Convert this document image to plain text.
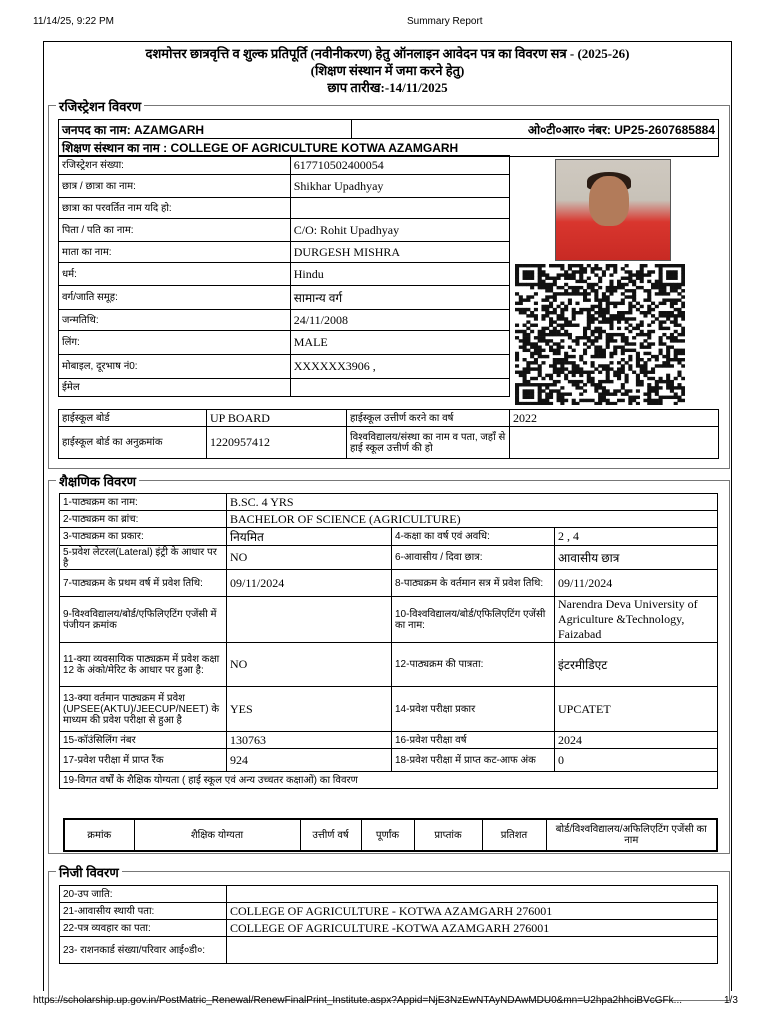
11/14/25, 9:22 PM	Summary Report
दशमोत्तर छात्रवृत्ति व शुल्क प्रतिपूर्ति (नवीनीकरण) हेतु ऑनलाइन आवेदन पत्र का विवरण सत्र - (2025-26)
(शिक्षण संस्थान में जमा करने हेतु)
छाप तारीख:-14/11/2025
रजिस्ट्रेशन विवरण
जनपद का नाम: AZAMGARH	ओ०टी०आर० नंबर: UP25-2607685884
शिक्षण संस्थान का नाम : COLLEGE OF AGRICULTURE KOTWA AZAMGARH
रजिस्ट्रेशन संख्या:	617710502400054
छात्र / छात्रा का नाम:	Shikhar Upadhyay
छात्रा का परवर्तित नाम यदि हो:	
पिता / पति का नाम:	C/O: Rohit Upadhyay
माता का नाम:	DURGESH MISHRA
धर्म:	Hindu
वर्ग/जाति समूह:	सामान्य वर्ग
जन्मतिथि:	24/11/2008
लिंग:	MALE
मोबाइल, दूरभाष नं0:	XXXXXX3906 ,
ईमेल	
हाईस्कूल बोर्ड	UP BOARD	हाईस्कूल उत्तीर्ण करने का वर्ष	2022
हाईस्कूल बोर्ड का अनुक्रमांक	1220957412	विश्वविद्यालय/संस्था का नाम व पता, जहाँ से हाई स्कूल उत्तीर्ण की हो	
शैक्षणिक विवरण
1-पाठ्यक्रम का नाम:	B.SC. 4 YRS		
2-पाठ्यक्रम का ब्रांच:	BACHELOR OF SCIENCE (AGRICULTURE)		
3-पाठ्यक्रम का प्रकार:	नियमित	4-कक्षा का वर्ष एवं अवधि:	2 , 4
5-प्रवेश लेटरल(Lateral) इंट्री के आधार पर है	NO	6-आवासीय / दिवा छात्र:	आवासीय छात्र
7-पाठ्यक्रम के प्रथम वर्ष में प्रवेश तिथि:	09/11/2024	8-पाठ्यक्रम के वर्तमान सत्र में प्रवेश तिथि:	09/11/2024
9-विश्वविद्यालय/बोर्ड/एफिलिएटिंग एजेंसी में पंजीयन क्रमांक		10-विश्वविद्यालय/बोर्ड/एफिलिएटिंग एजेंसी का नाम:	Narendra Deva University of Agriculture &Technology, Faizabad
11-क्या व्यवसायिक पाठ्यक्रम में प्रवेश कक्षा 12 के अंको/मेरिट के आधार पर हुआ है:	NO	12-पाठ्यक्रम की पात्रता:	इंटरमीडिएट
13-क्या वर्तमान पाठ्यक्रम में प्रवेश (UPSEE(AKTU)/JEECUP/NEET) के माध्यम की प्रवेश परीक्षा से हुआ है	YES	14-प्रवेश परीक्षा प्रकार	UPCATET
15-कॉउंसिलिंग नंबर	130763	16-प्रवेश परीक्षा वर्ष	2024
17-प्रवेश परीक्षा में प्राप्त रैंक	924	18-प्रवेश परीक्षा में प्राप्त कट-आफ अंक	0
19-विगत वर्षों के शैक्षिक योग्यता ( हाई स्कूल एवं अन्य उच्चतर कक्षाओं) का विवरण			
क्रमांक	शैक्षिक योग्यता	उत्तीर्ण वर्ष	पूर्णांक	प्राप्तांक	प्रतिशत	बोर्ड/विश्वविद्यालय/अफिलिएटिंग एजेंसी का नाम
निजी विवरण
20-उप जाति:	
21-आवासीय स्थायी पता:	COLLEGE OF AGRICULTURE - KOTWA AZAMGARH 276001
22-पत्र व्यवहार का पता:	COLLEGE OF AGRICULTURE -KOTWA AZAMGARH 276001
23- राशनकार्ड संख्या/परिवार आई०डी०:	
https://scholarship.up.gov.in/PostMatric_Renewal/RenewFinalPrint_Institute.aspx?Appid=NjE3NzEwNTAyNDAwMDU0&mn=U2hpa2hhciBVcGFk...	1/3
